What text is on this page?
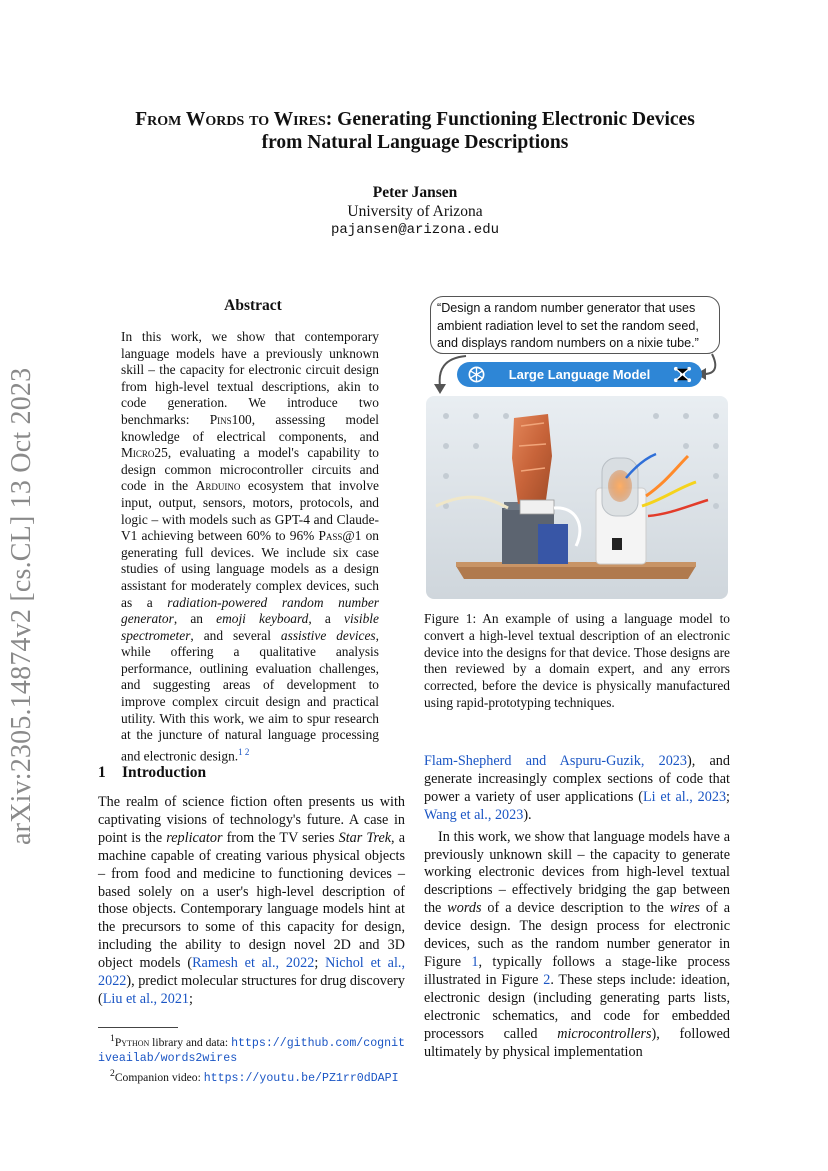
arXiv:2305.14874v2 [cs.CL] 13 Oct 2023
From Words to Wires: Generating Functioning Electronic Devices
from Natural Language Descriptions
Peter Jansen
University of Arizona
pajansen@arizona.edu
Abstract
In this work, we show that contemporary language models have a previously unknown skill – the capacity for electronic circuit design from high-level textual descriptions, akin to code generation. We introduce two benchmarks: Pins100, assessing model knowledge of electrical components, and Micro25, evaluating a model's capability to design common microcontroller circuits and code in the Arduino ecosystem that involve input, output, sensors, motors, protocols, and logic – with models such as GPT-4 and Claude-V1 achieving between 60% to 96% Pass@1 on generating full devices. We include six case studies of using language models as a design assistant for moderately complex devices, such as a radiation-powered random number generator, an emoji keyboard, a visible spectrometer, and several assistive devices, while offering a qualitative analysis performance, outlining evaluation challenges, and suggesting areas of development to improve complex circuit design and practical utility. With this work, we aim to spur research at the juncture of natural language processing and electronic design.$^{1 2}$
1 Introduction
The realm of science fiction often presents us with captivating visions of technology's future. A case in point is the replicator from the TV series Star Trek, a machine capable of creating various physical objects – from food and medicine to functioning devices – based solely on a user's high-level description of those objects. Contemporary language models hint at the precursors to some of this capacity for design, including the ability to design novel 2D and 3D object models (Ramesh et al., 2022; Nichol et al., 2022), predict molecular structures for drug discovery (Liu et al., 2021;
$^1$Python library and data: https://github.com/cognitiveailab/words2wires
$^2$Companion video: https://youtu.be/PZ1rr0dDAPI
“Design a random number generator that uses ambient radiation level to set the random seed, and displays random numbers on a nixie tube.”
Large Language Model
Figure 1: An example of using a language model to convert a high-level textual description of an electronic device into the designs for that device. Those designs are then reviewed by a domain expert, and any errors corrected, before the device is physically manufactured using rapid-prototyping techniques.

Flam-Shepherd and Aspuru-Guzik, 2023), and generate increasingly complex sections of code that power a variety of user applications (Li et al., 2023; Wang et al., 2023).

In this work, we show that language models have a previously unknown skill – the capacity to generate working electronic devices from high-level textual descriptions – effectively bridging the gap between the words of a device description to the wires of a device design. The design process for electronic devices, such as the random number generator in Figure 1, typically follows a stage-like process illustrated in Figure 2. These steps include: ideation, electronic design (including generating parts lists, electronic schematics, and code for embedded processors called microcontrollers), followed ultimately by physical implementation
